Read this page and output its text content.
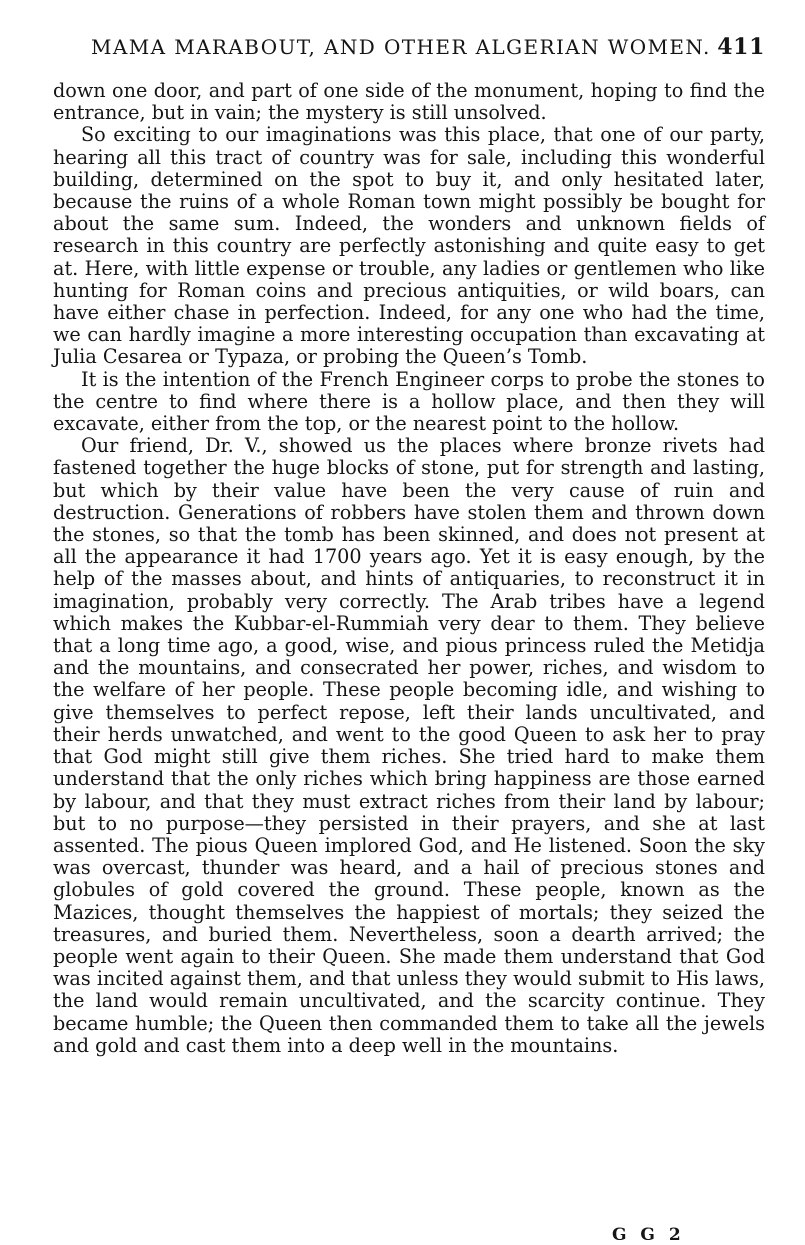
MAMA MARABOUT, AND OTHER ALGERIAN WOMEN. 411

down one door, and part of one side of the monument, hoping to find the entrance, but in vain; the mystery is still unsolved.

So exciting to our imaginations was this place, that one of our party, hearing all this tract of country was for sale, including this wonderful building, determined on the spot to buy it, and only hesitated later, because the ruins of a whole Roman town might possibly be bought for about the same sum. Indeed, the wonders and unknown fields of research in this country are perfectly astonishing and quite easy to get at. Here, with little expense or trouble, any ladies or gentlemen who like hunting for Roman coins and precious antiquities, or wild boars, can have either chase in perfection. Indeed, for any one who had the time, we can hardly imagine a more interesting occupation than excavating at Julia Cesarea or Typaza, or probing the Queen’s Tomb.

It is the intention of the French Engineer corps to probe the stones to the centre to find where there is a hollow place, and then they will excavate, either from the top, or the nearest point to the hollow.

Our friend, Dr. V., showed us the places where bronze rivets had fastened together the huge blocks of stone, put for strength and lasting, but which by their value have been the very cause of ruin and destruction. Generations of robbers have stolen them and thrown down the stones, so that the tomb has been skinned, and does not present at all the appearance it had 1700 years ago. Yet it is easy enough, by the help of the masses about, and hints of antiquaries, to reconstruct it in imagination, probably very correctly. The Arab tribes have a legend which makes the Kubbar-el-Rummiah very dear to them. They believe that a long time ago, a good, wise, and pious princess ruled the Metidja and the mountains, and consecrated her power, riches, and wisdom to the welfare of her people. These people becoming idle, and wishing to give themselves to perfect repose, left their lands uncultivated, and their herds unwatched, and went to the good Queen to ask her to pray that God might still give them riches. She tried hard to make them understand that the only riches which bring happiness are those earned by labour, and that they must extract riches from their land by labour; but to no purpose—they persisted in their prayers, and she at last assented. The pious Queen implored God, and He listened. Soon the sky was overcast, thunder was heard, and a hail of precious stones and globules of gold covered the ground. These people, known as the Mazices, thought themselves the happiest of mortals; they seized the treasures, and buried them. Nevertheless, soon a dearth arrived; the people went again to their Queen. She made them understand that God was incited against them, and that unless they would submit to His laws, the land would remain uncultivated, and the scarcity continue. They became humble; the Queen then commanded them to take all the jewels and gold and cast them into a deep well in the mountains.

G G 2
